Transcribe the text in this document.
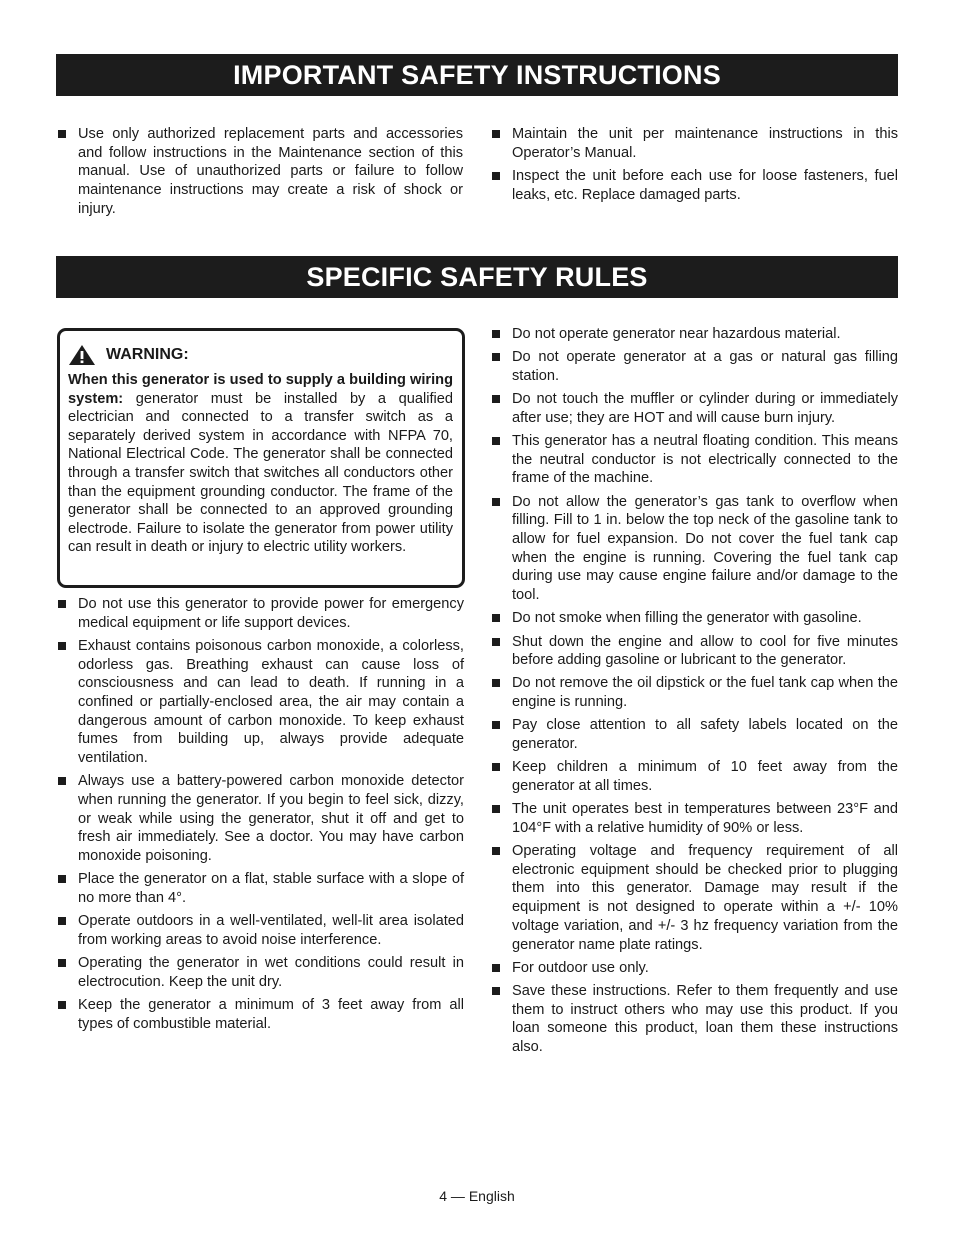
IMPORTANT SAFETY INSTRUCTIONS
Use only authorized replacement parts and accessories and follow instructions in the Maintenance section of this manual. Use of unauthorized parts or failure to follow maintenance instructions may create a risk of shock or injury.
Maintain the unit per maintenance instructions in this Operator’s Manual.
Inspect the unit before each use for loose fasteners, fuel leaks, etc. Replace damaged parts.
SPECIFIC SAFETY RULES
WARNING:
When this generator is used to supply a building wiring system: generator must be installed by a qualified electrician and connected to a transfer switch as a separately derived system in accordance with NFPA 70, National Electrical Code. The generator shall be connected through a transfer switch that switches all conductors other than the equipment grounding conductor. The frame of the generator shall be connected to an approved grounding electrode. Failure to isolate the generator from power utility can result in death or injury to electric utility workers.
Do not use this generator to provide power for emergency medical equipment or life support devices.
Exhaust contains poisonous carbon monoxide, a colorless, odorless gas. Breathing exhaust can cause loss of consciousness and can lead to death. If running in a confined or partially-enclosed area, the air may contain a dangerous amount of carbon monoxide. To keep exhaust fumes from building up, always provide adequate ventilation.
Always use a battery-powered carbon monoxide detector when running the generator. If you begin to feel sick, dizzy, or weak while using the generator, shut it off and get to fresh air immediately. See a doctor. You may have carbon monoxide poisoning.
Place the generator on a flat, stable surface with a slope of no more than 4°.
Operate outdoors in a well-ventilated, well-lit area isolated from working areas to avoid noise interference.
Operating the generator in wet conditions could result in electrocution. Keep the unit dry.
Keep the generator a minimum of 3 feet away from all types of combustible material.
Do not operate generator near hazardous material.
Do not operate generator at a gas or natural gas filling station.
Do not touch the muffler or cylinder during or immediately after use; they are HOT and will cause burn injury.
This generator has a neutral floating condition. This means the neutral conductor is not electrically connected to the frame of the machine.
Do not allow the generator’s gas tank to overflow when filling. Fill to 1 in. below the top neck of the gasoline tank to allow for fuel expansion. Do not cover the fuel tank cap when the engine is running. Covering the fuel tank cap during use may cause engine failure and/or damage to the tool.
Do not smoke when filling the generator with gasoline.
Shut down the engine and allow to cool for five minutes before adding gasoline or lubricant to the generator.
Do not remove the oil dipstick or the fuel tank cap when the engine is running.
Pay close attention to all safety labels located on the generator.
Keep children a minimum of 10 feet away from the generator at all times.
The unit operates best in temperatures between 23°F and 104°F with a relative humidity of 90% or less.
Operating voltage and frequency requirement of all electronic equipment should be checked prior to plugging them into this generator. Damage may result if the equipment is not designed to operate within a +/- 10% voltage variation, and +/- 3 hz frequency variation from the generator name plate ratings.
For outdoor use only.
Save these instructions. Refer to them frequently and use them to instruct others who may use this product. If you loan someone this product, loan them these instructions also.
4 — English
